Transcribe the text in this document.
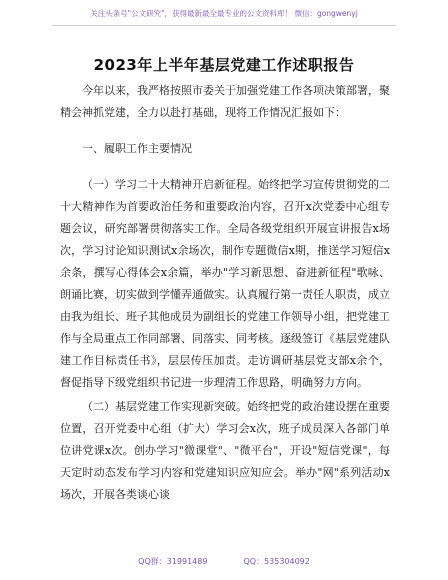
关注头条号"公文研究"，获得最新最全最专业的公文资料库！ 微信：gongwenyj
2023年上半年基层党建工作述职报告

今年以来，我严格按照市委关于加强党建工作各项决策部署，聚精会神抓党建，全力以赴打基础，现将工作情况汇报如下：

一、履职工作主要情况

（一）学习二十大精神开启新征程。始终把学习宣传贯彻党的二十大精神作为首要政治任务和重要政治内容，召开x次党委中心组专题会议，研究部署贯彻落实工作。全局各级党组织开展宣讲报告x场次，学习讨论知识测试x余场次，制作专题微信x期，推送学习短信x余条，撰写心得体会x余篇，举办"学习新思想、奋进新征程"歌咏、朗诵比赛，切实做到学懂弄通做实。认真履行第一责任人职责，成立由我为组长、班子其他成员为副组长的党建工作领导小组，把党建工作与全局重点工作同部署、同落实、同考核。逐级签订《基层党建队建工作目标责任书》，层层传压加责。走访调研基层党支部x余个，督促指导下级党组织书记进一步理清工作思路，明确努力方向。

（二）基层党建工作实现新突破。始终把党的政治建设摆在重要位置，召开党委中心组（扩大）学习会x次，班子成员深入各部门单位讲党课x次。创办学习"微课堂"、"微平台"，开设"短信党课"，每天定时动态发布学习内容和党建知识应知应会。举办"网"系列活动x场次，开展各类谈心谈

QQ群：31991489	QQ：535304092
